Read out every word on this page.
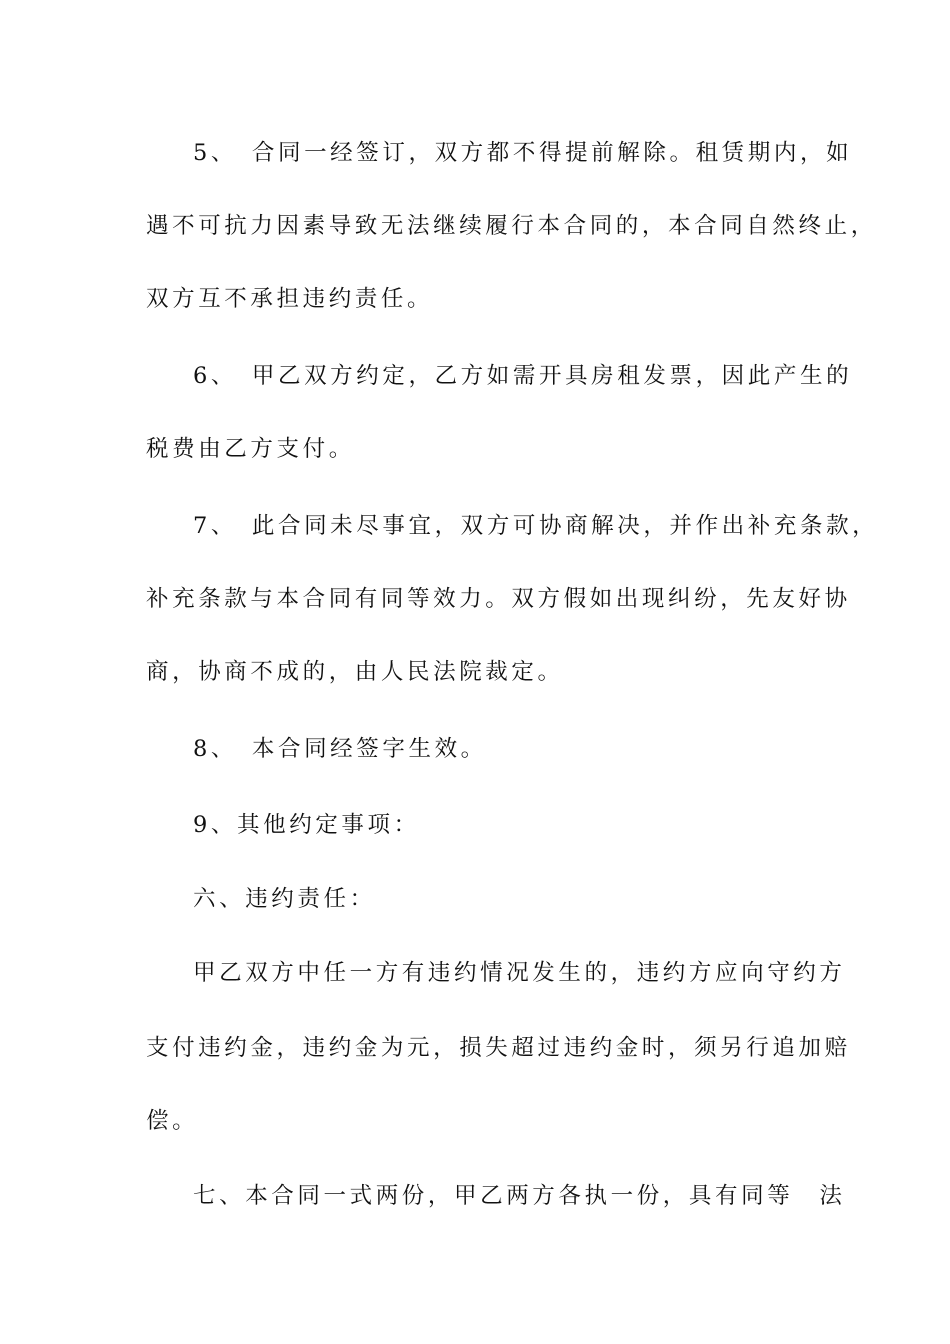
5、　合同一经签订，双方都不得提前解除。租赁期内，如
遇不可抗力因素导致无法继续履行本合同的，本合同自然终止，
双方互不承担违约责任。
6、　甲乙双方约定，乙方如需开具房租发票，因此产生的
税费由乙方支付。
7、　此合同未尽事宜，双方可协商解决，并作出补充条款，
补充条款与本合同有同等效力。双方假如出现纠纷，先友好协
商，协商不成的，由人民法院裁定。
8、　本合同经签字生效。
9、其他约定事项：
六、违约责任：
甲乙双方中任一方有违约情况发生的，违约方应向守约方
支付违约金，违约金为元，损失超过违约金时，须另行追加赔
偿。
七、本合同一式两份，甲乙两方各执一份，具有同等　法
